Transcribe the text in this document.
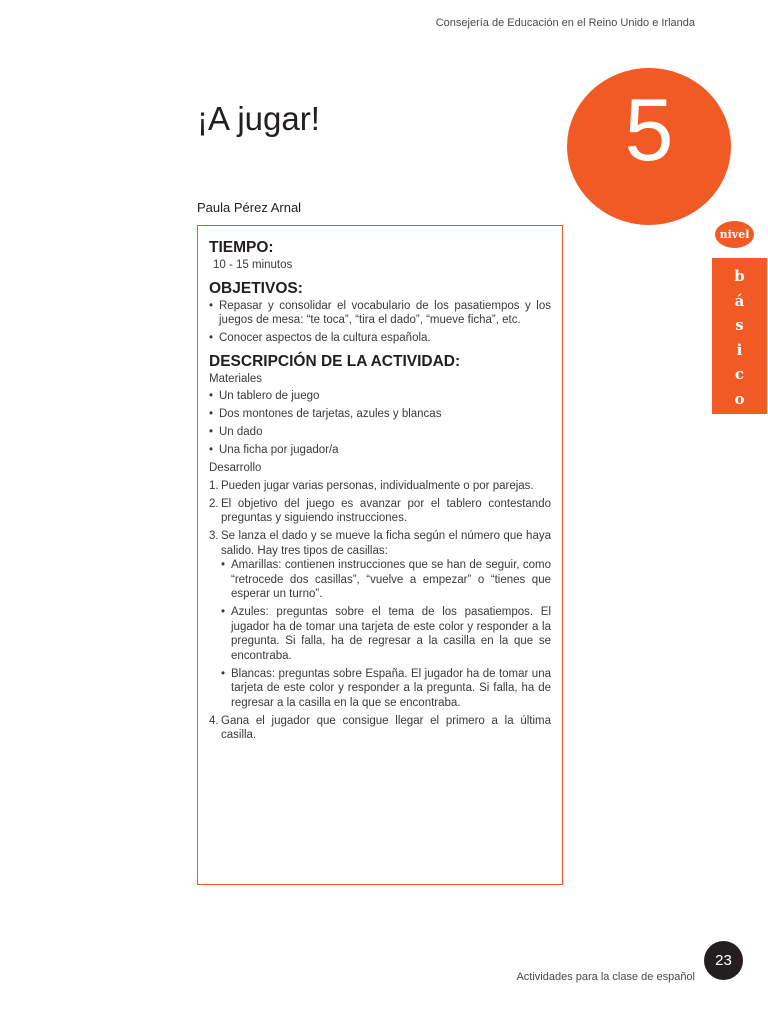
Consejería de Educación en el Reino Unido e Irlanda
¡A jugar!	5
nivel
b
á
s
i
c
o
Paula Pérez Arnal
TIEMPO:

10 - 15 minutos

OBJETIVOS:
• Repasar y consolidar el vocabulario de los pasatiempos y los juegos de mesa: “te toca”, “tira el dado”, “mueve ficha”, etc.
• Conocer aspectos de la cultura española.
DESCRIPCIÓN DE LA ACTIVIDAD:

Materiales

• Un tablero de juego
• Dos montones de tarjetas, azules y blancas
• Un dado
• Una ficha por jugador/a

Desarrollo

1. Pueden jugar varias personas, individualmente o por parejas.
2. El objetivo del juego es avanzar por el tablero contestando preguntas y siguiendo instrucciones.
3. Se lanza el dado y se mueve la ficha según el número que haya salido. Hay tres tipos de casillas:
• Amarillas: contienen instrucciones que se han de seguir, como “retrocede dos casillas”, “vuelve a empezar” o “tienes que esperar un turno”.
• Azules: preguntas sobre el tema de los pasatiempos. El jugador ha de tomar una tarjeta de este color y responder a la pregunta. Si falla, ha de regresar a la casilla en la que se encontraba.
• Blancas: preguntas sobre España. El jugador ha de tomar una tarjeta de este color y responder a la pregunta. Si falla, ha de regresar a la casilla en la que se encontraba.
4. Gana el jugador que consigue llegar el primero a la última casilla.
23
Actividades para la clase de español
